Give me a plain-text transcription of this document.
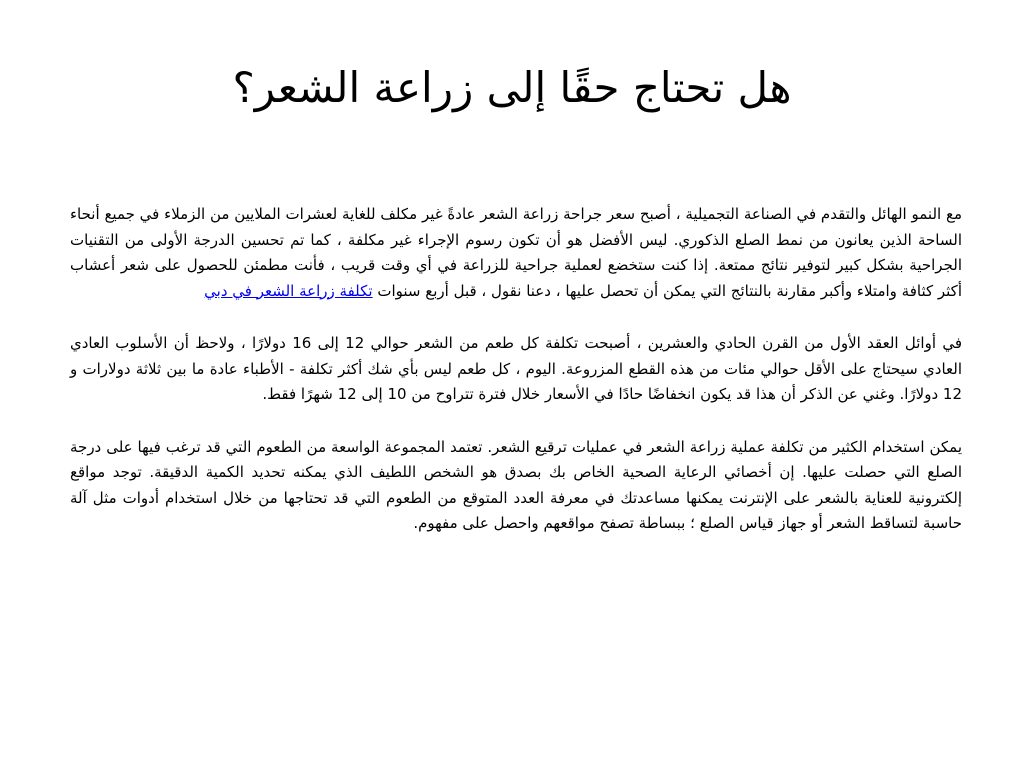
هل تحتاج حقًا إلى زراعة الشعر؟

مع النمو الهائل والتقدم في الصناعة التجميلية ، أصبح سعر جراحة زراعة الشعر عادةً غير مكلف للغاية لعشرات الملايين من الزملاء في جميع أنحاء الساحة الذين يعانون من نمط الصلع الذكوري. ليس الأفضل هو أن تكون رسوم الإجراء غير مكلفة ، كما تم تحسين الدرجة الأولى من التقنيات الجراحية بشكل كبير لتوفير نتائج ممتعة. إذا كنت ستخضع لعملية جراحية للزراعة في أي وقت قريب ، فأنت مطمئن للحصول على شعر أعشاب أكثر كثافة وامتلاء وأكبر مقارنة بالنتائج التي يمكن أن تحصل عليها ، دعنا نقول ، قبل أربع سنوات تكلفة زراعة الشعر في دبي

في أوائل العقد الأول من القرن الحادي والعشرين ، أصبحت تكلفة كل طعم من الشعر حوالي 12 إلى 16 دولارًا ، ولاحظ أن الأسلوب العادي العادي سيحتاج على الأقل حوالي مئات من هذه القطع المزروعة. اليوم ، كل طعم ليس بأي شك أكثر تكلفة - الأطباء عادة ما بين ثلاثة دولارات و 12 دولارًا. وغني عن الذكر أن هذا قد يكون انخفاضًا حادًا في الأسعار خلال فترة تتراوح من 10 إلى 12 شهرًا فقط.

يمكن استخدام الكثير من تكلفة عملية زراعة الشعر في عمليات ترقيع الشعر. تعتمد المجموعة الواسعة من الطعوم التي قد ترغب فيها على درجة الصلع التي حصلت عليها. إن أخصائي الرعاية الصحية الخاص بك بصدق هو الشخص اللطيف الذي يمكنه تحديد الكمية الدقيقة. توجد مواقع إلكترونية للعناية بالشعر على الإنترنت يمكنها مساعدتك في معرفة العدد المتوقع من الطعوم التي قد تحتاجها من خلال استخدام أدوات مثل آلة حاسبة لتساقط الشعر أو جهاز قياس الصلع ؛ ببساطة تصفح مواقعهم واحصل على مفهوم.
